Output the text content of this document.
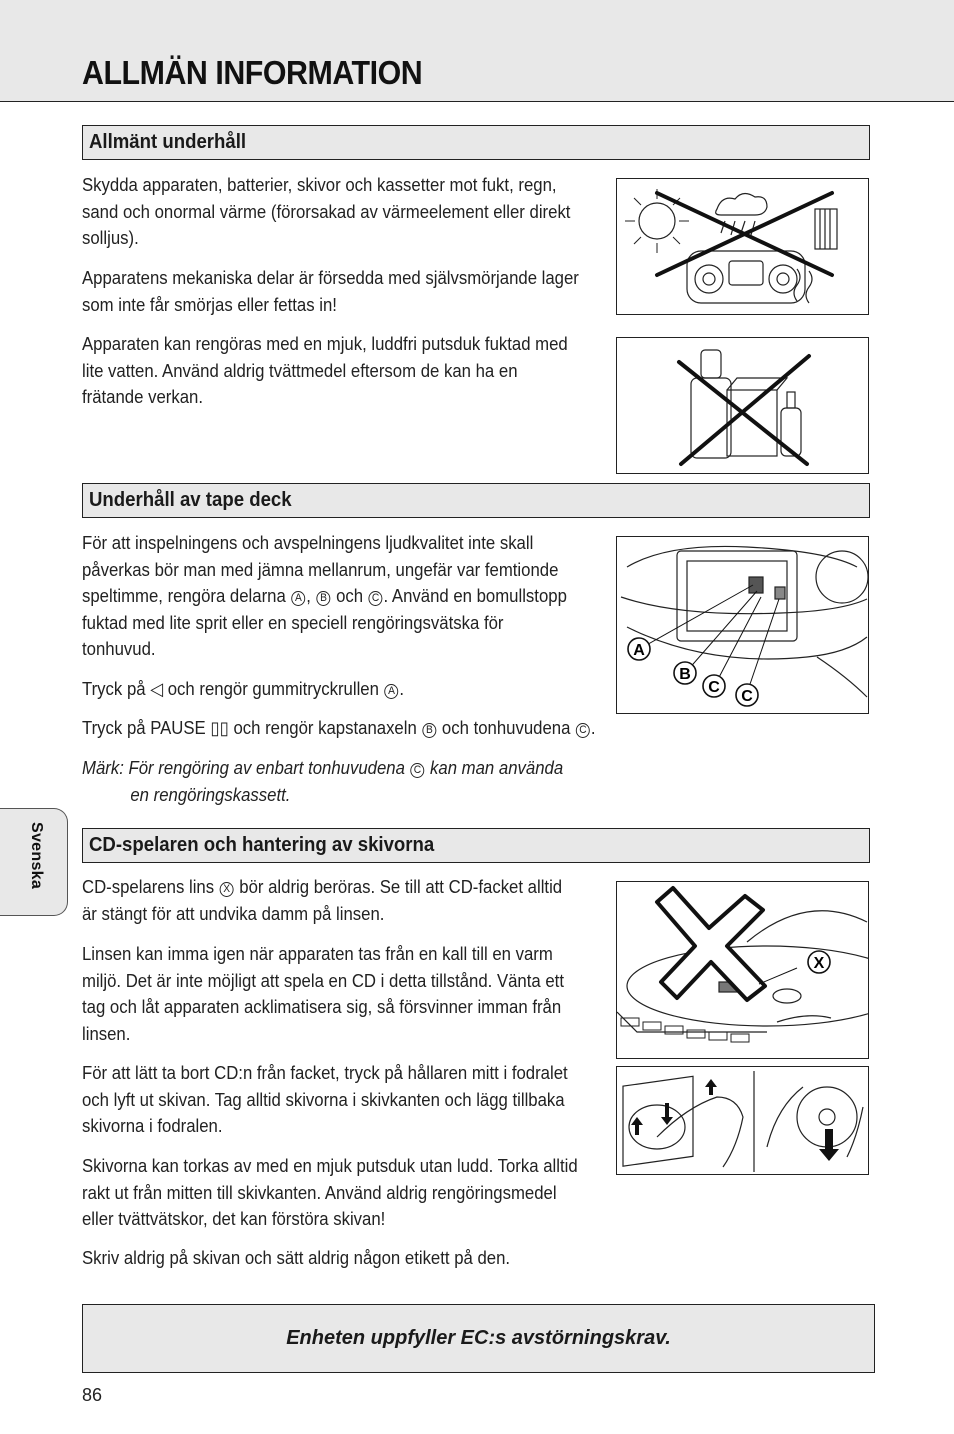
ALLMÄN INFORMATION
Allmänt underhåll
Skydda apparaten, batterier, skivor och kassetter mot fukt, regn,
sand och onormal värme (förorsakad av värmeelement eller direkt
solljus).
Apparatens mekaniska delar är försedda med självsmörjande lager
som inte får smörjas eller fettas in!
Apparaten kan rengöras med en mjuk, luddfri putsduk fuktad med
lite vatten. Använd aldrig tvättmedel eftersom de kan ha en
frätande verkan.
Underhåll av tape deck
För att inspelningens och avspelningens ljudkvalitet inte skall
påverkas bör man med jämna mellanrum, ungefär var femtionde
speltimme, rengöra delarna A , B och C . Använd en bomullstopp
fuktad med lite sprit eller en speciell rengöringsvätska för
tonhuvud.
Tryck på ◁ och rengör gummitryckrullen A .
Tryck på PAUSE ▯▯ och rengör kapstanaxeln B och tonhuvudena C .
Märk: För rengöring av enbart tonhuvudena C kan man använda
en rengöringskassett.
A
B
C
C
Svenska	CD-spelaren och hantering av skivorna
CD-spelarens lins X bör aldrig beröras. Se till att CD-facket alltid
är stängt för att undvika damm på linsen.
Linsen kan imma igen när apparaten tas från en kall till en varm
miljö. Det är inte möjligt att spela en CD i detta tillstånd. Vänta ett
tag och låt apparaten acklimatisera sig, så försvinner imman från
linsen.
För att lätt ta bort CD:n från facket, tryck på hållaren mitt i fodralet
och lyft ut skivan. Tag alltid skivorna i skivkanten och lägg tillbaka
skivorna i fodralen.
Skivorna kan torkas av med en mjuk putsduk utan ludd. Torka alltid
rakt ut från mitten till skivkanten. Använd aldrig rengöringsmedel
eller tvättvätskor, det kan förstöra skivan!
Skriv aldrig på skivan och sätt aldrig någon etikett på den.
X
Enheten uppfyller EC:s avstörningskrav.
86
